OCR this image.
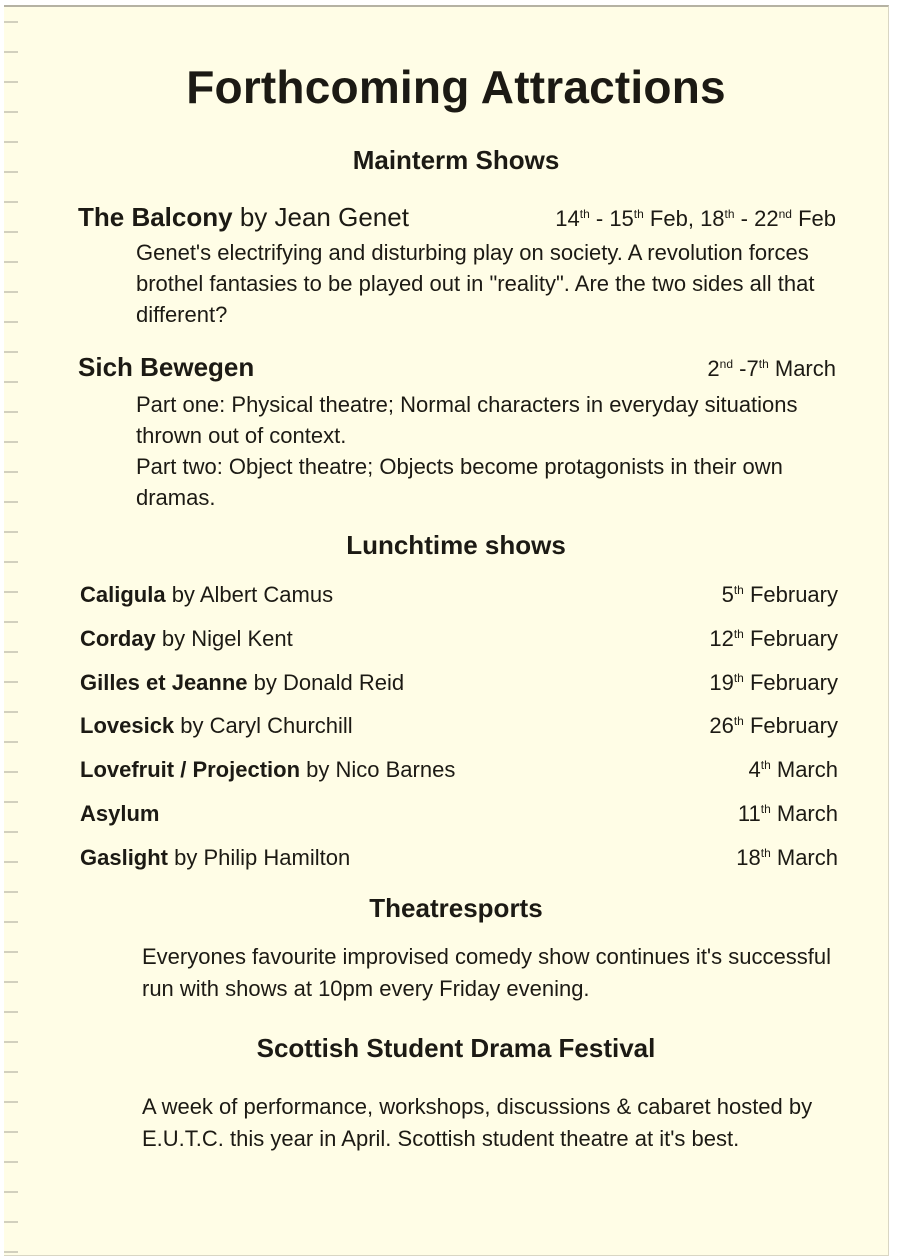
Forthcoming Attractions
Mainterm Shows
The Balcony by Jean Genet	14th - 15th Feb, 18th - 22nd Feb
Genet's electrifying and disturbing play on society. A revolution forces brothel fantasies to be played out in "reality". Are the two sides all that different?
Sich Bewegen	2nd -7th March
Part one: Physical theatre; Normal characters in everyday situations thrown out of context.
Part two: Object theatre; Objects become protagonists in their own dramas.
Lunchtime shows
Caligula by Albert Camus	5th February
Corday by Nigel Kent	12th February
Gilles et Jeanne by Donald Reid	19th February
Lovesick by Caryl Churchill	26th February
Lovefruit / Projection by Nico Barnes	4th March
Asylum	11th March
Gaslight by Philip Hamilton	18th March
Theatresports
Everyones favourite improvised comedy show continues it's successful run with shows at 10pm every Friday evening.
Scottish Student Drama Festival
A week of performance, workshops, discussions & cabaret hosted by E.U.T.C. this year in April. Scottish student theatre at it's best.
